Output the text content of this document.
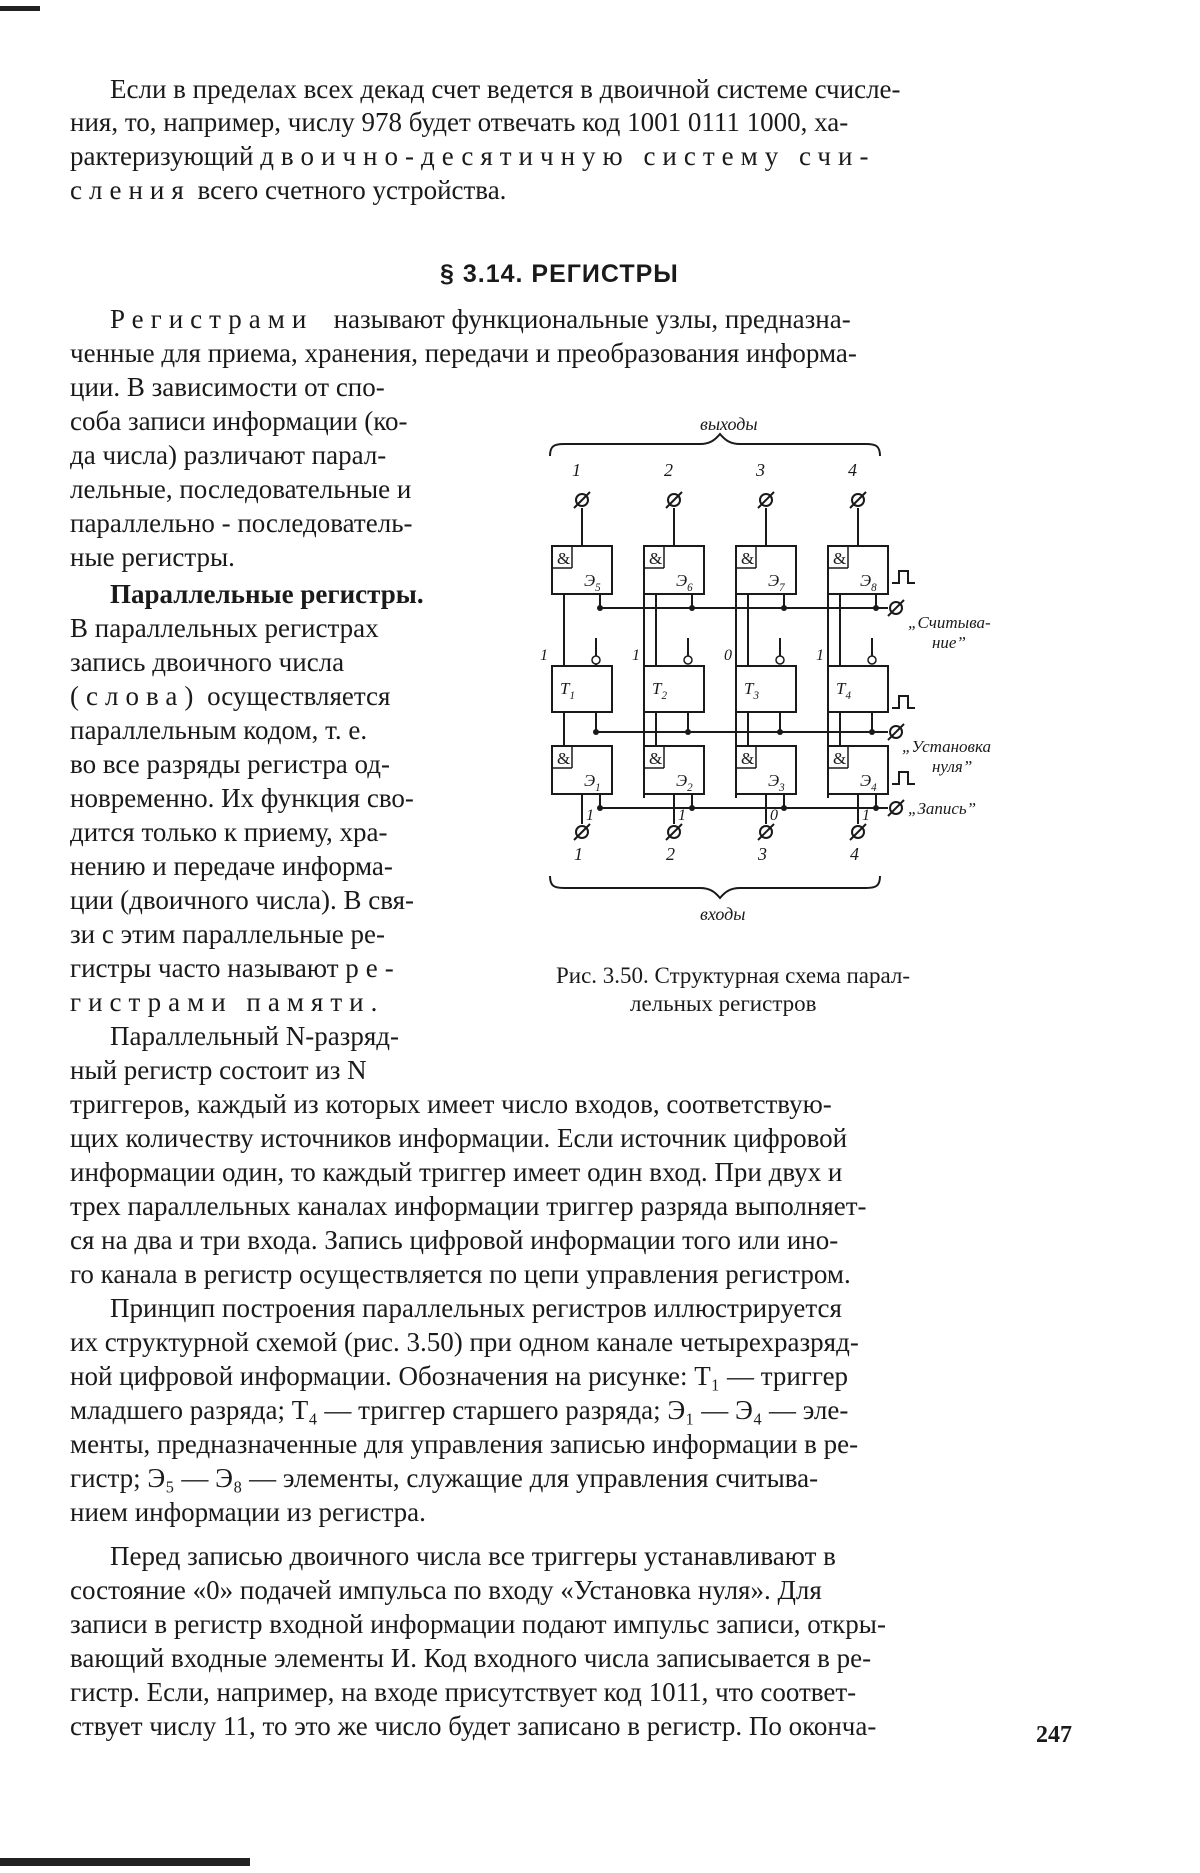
Если в пределах всех декад счет ведется в двоичной системе счисле-
ния, то, например, числу 978 будет отвечать код 1001 0111 1000, ха-
рактеризующий двоично-десятичную систему счи-
сления всего счетного устройства.
§ 3.14. РЕГИСТРЫ
Регистрами называют функциональные узлы, предназна-
ченные для приема, хранения, передачи и преобразования информа-
ции. В зависимости от спо-
соба записи информации (ко-
да числа) различают парал-
лельные, последовательные и
параллельно - последователь-
ные регистры.
Параллельные регистры.
В параллельных регистрах
запись двоичного числа
(слова) осуществляется
параллельным кодом, т. е.
во все разряды регистра од-
новременно. Их функция сво-
дится только к приему, хра-
нению и передаче информа-
ции (двоичного числа). В свя-
зи с этим параллельные ре-
гистры часто называют ре-
гистрами памяти.
Параллельный N-разряд-
ный регистр состоит из N
триггеров, каждый из которых имеет число входов, соответствую-
щих количеству источников информации. Если источник цифровой
информации один, то каждый триггер имеет один вход. При двух и
трех параллельных каналах информации триггер разряда выполняет-
ся на два и три входа. Запись цифровой информации того или ино-
го канала в регистр осуществляется по цепи управления регистром.
Принцип построения параллельных регистров иллюстрируется
их структурной схемой (рис. 3.50) при одном канале четырехразряд-
ной цифровой информации. Обозначения на рисунке: Т₁ — триггер
младшего разряда; Т₄ — триггер старшего разряда; Э₁ — Э₄ — эле-
менты, предназначенные для управления записью информации в ре-
гистр; Э₅ — Э₈ — элементы, служащие для управления считыва-
нием информации из регистра.
Перед записью двоичного числа все триггеры устанавливают в
состояние «0» подачей импульса по входу «Установка нуля». Для
записи в регистр входной информации подают импульс записи, откры-
вающий входные элементы И. Код входного числа записывается в ре-
гистр. Если, например, на входе присутствует код 1011, что соответ-
ствует числу 11, то это же число будет записано в регистр. По оконча-	247
выходы
1
&
$Э_5$
$T_1$
1
&
$Э_1$
1
1
2
&
$Э_6$
$T_2$
1
&
$Э_2$
1
2
3
&
$Э_7$
$T_3$
0
&
$Э_3$
0
3
4
&
$Э_8$
$T_4$
1
&
$Э_4$
1
4
„Считыва-
ние”
„Установка
нуля”
„Запись”
входы
Рис. 3.50. Структурная схема парал-
лельных регистров
